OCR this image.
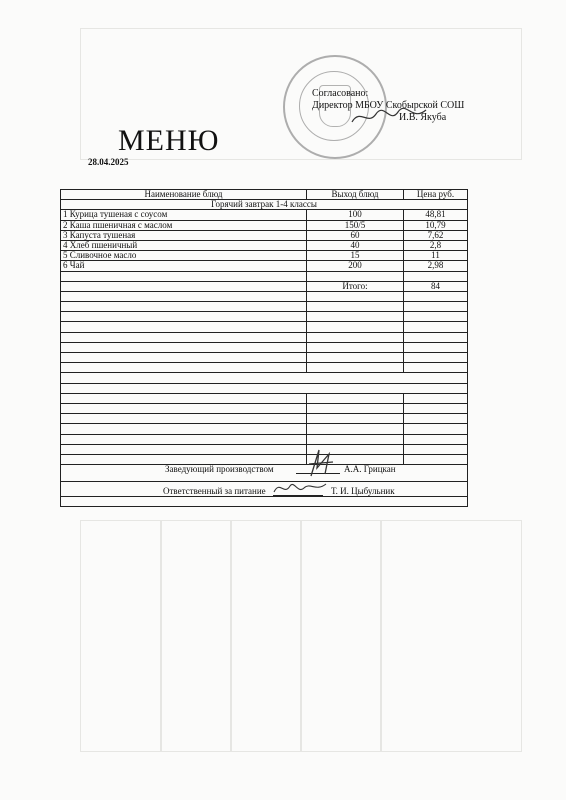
Согласовано:
Директор МБОУ Скобырской СОШ
И.В. Якуба
МЕНЮ
28.04.2025
Наименование блюд	Выход блюд	Цена руб.
Горячий завтрак 1-4 классы		
1 Курица тушеная с соусом	100	48,81
2 Каша пшеничная с маслом	150/5	10,79
3 Капуста тушеная	60	7,62
4 Хлеб пшеничный	40	2,8
5 Сливочное масло	15	11
6 Чай	200	2,98

	Итого:	84

Заведующий производством	А.А. Грицкан
Ответственный за питание	Т. И. Цыбульник
